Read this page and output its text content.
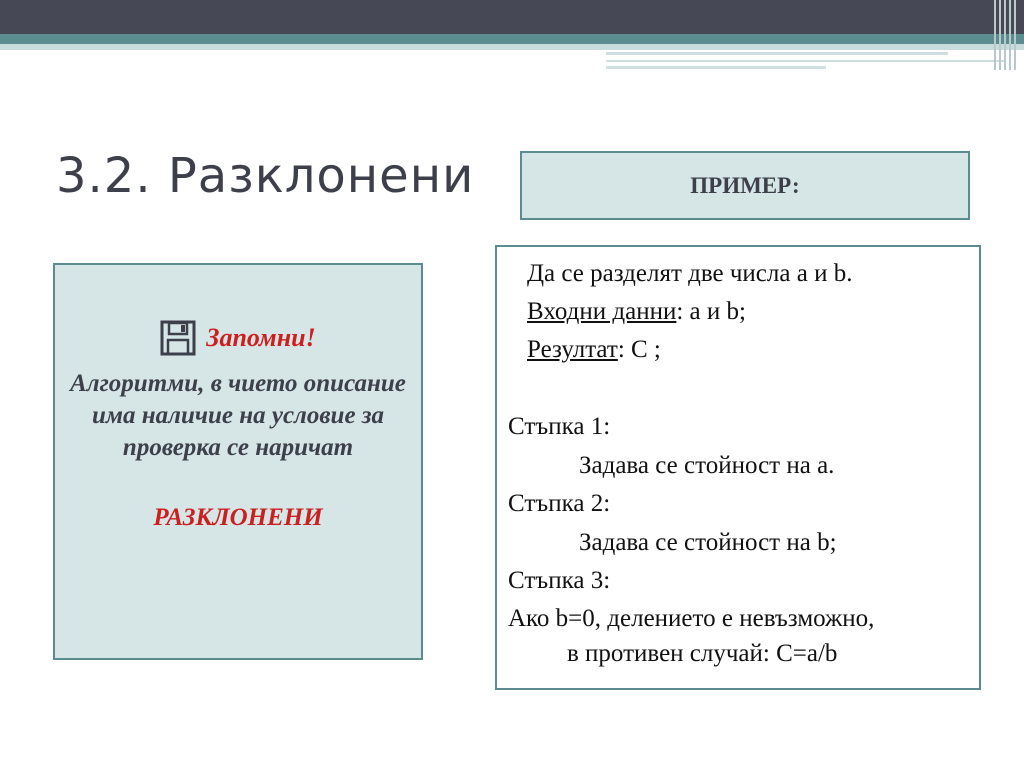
3.2. Разклонени	ПРИМЕР:
Запомни!
Алгоритми, в чието описание има наличие на условие за проверка се наричат
РАЗКЛОНЕНИ
Да се разделят две числа a и b.
Входни данни: a и b;
Резултат: C ;
Стъпка 1:
Задава се стойност на a.
Стъпка 2:
Задава се стойност на b;
Стъпка 3:
Ако b=0, делението е невъзможно,
в противен случай: C=a/b
